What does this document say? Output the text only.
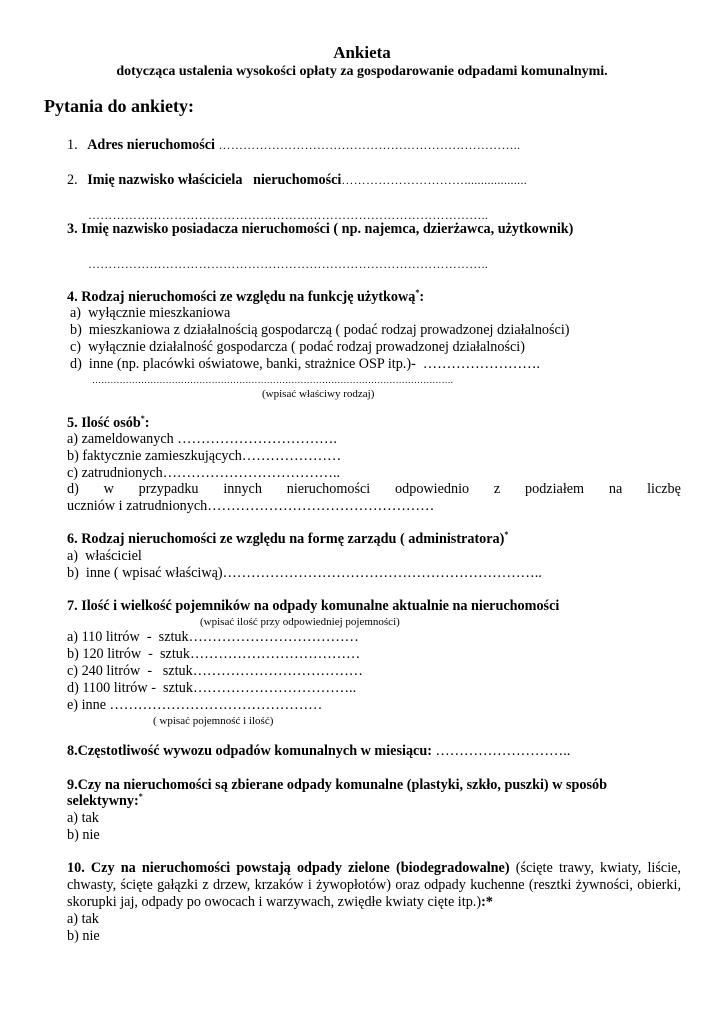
Ankieta
dotycząca ustalenia wysokości opłaty za gospodarowanie odpadami komunalnymi.
Pytania do ankiety:
1. Adres nieruchomości ………………………………………………………………..
2. Imię nazwisko właściciela   nieruchomości…………………………...................
……………………………………………………………………………………..
3. Imię nazwisko posiadacza nieruchomości ( np. najemca, dzierżawca, użytkownik)
……………………………………………………………………………………..
4. Rodzaj nieruchomości ze względu na funkcję użytkową*:
a)  wyłącznie mieszkaniowa
b)  mieszkaniowa z działalnością gospodarczą ( podać rodzaj prowadzonej działalności)
c)  wyłącznie działalność gospodarcza ( podać rodzaj prowadzonej działalności)
d)  inne (np. placówki oświatowe, banki, strażnice OSP itp.)-  …………………….
……………………………………………………………………………………………………….
(wpisać właściwy rodzaj)
5. Ilość osób*:
a) zameldowanych …………………………….
b) faktycznie zamieszkujących…………………
c) zatrudnionych………………………………..
d) w przypadku innych nieruchomości odpowiednio z podziałem na liczbę
uczniów i zatrudnionych…………………………………………
6. Rodzaj nieruchomości ze względu na formę zarządu ( administratora)*
a)  właściciel
b)  inne ( wpisać właściwą)…………………………………………………………..
7. Ilość i wielkość pojemników na odpady komunalne aktualnie na nieruchomości
(wpisać ilość przy odpowiedniej pojemności)
a) 110 litrów  -  sztuk………………………………
b) 120 litrów  -  sztuk………………………………
c) 240 litrów  -   sztuk………………………………
d) 1100 litrów -  sztuk……………………………..
e) inne ………………………………………
( wpisać pojemność i ilość)
8.Częstotliwość wywozu odpadów komunalnych w miesiącu: ………………………..
9.Czy na nieruchomości są zbierane odpady komunalne (plastyki, szkło, puszki) w sposób
selektywny:*
a) tak
b) nie
10. Czy na nieruchomości powstają odpady zielone (biodegradowalne) (ścięte trawy, kwiaty, liście, chwasty, ścięte gałązki z drzew, krzaków i żywopłotów) oraz odpady kuchenne (resztki żywności, obierki, skorupki jaj, odpady po owocach i warzywach, zwiędłe kwiaty cięte itp.):*
a) tak
b) nie
